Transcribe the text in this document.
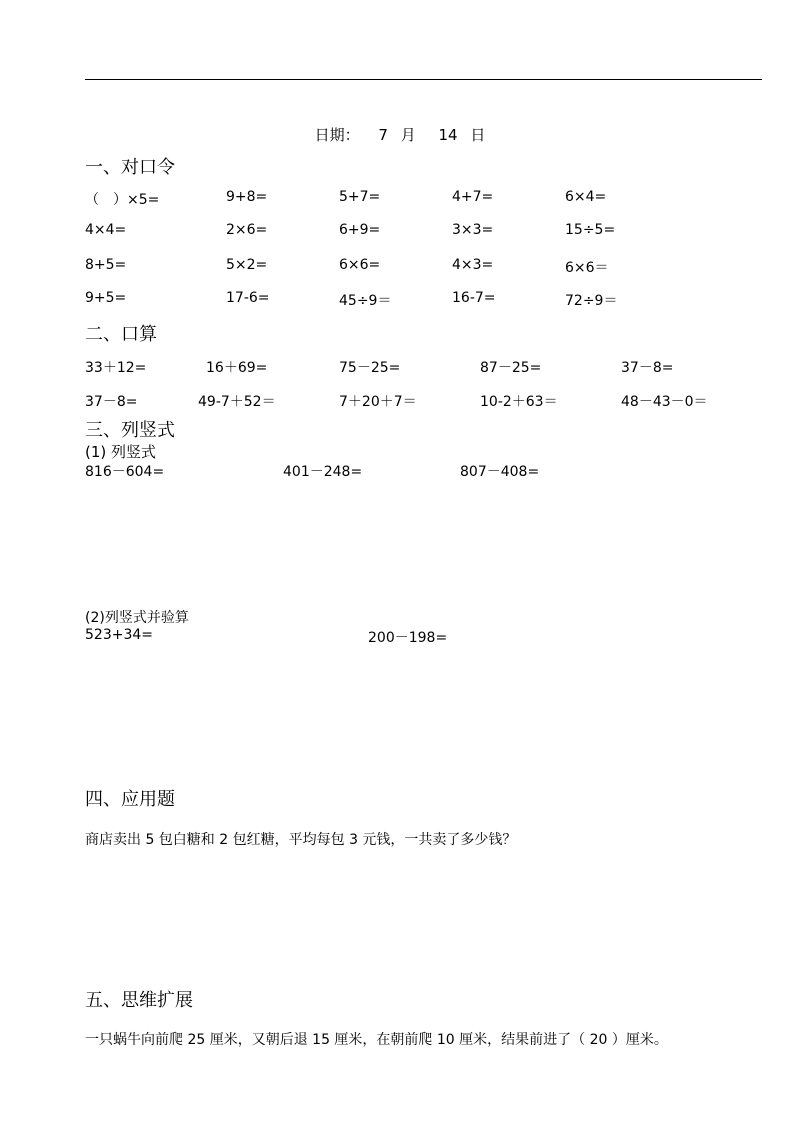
日期： 7 月 14 日
一、对口令
（　）×5=	9+8=	5+7=	4+7=	6×4=
4×4=	2×6=	6+9=	3×3=	15÷5=
8+5=	5×2=	6×6=	4×3=	6×6＝
9+5=	17-6=	45÷9＝	16-7=	72÷9＝
二、口算
33＋12=	16＋69=	75－25=	87－25=	37－8=
37－8=	49-7＋52＝	7＋20＋7＝	10-2＋63＝	48－43－0＝
三、列竖式
(1) 列竖式
816－604=	401－248=	807－408=
(2)列竖式并验算
523+34=	200－198=
四、应用题
商店卖出 5 包白糖和 2 包红糖，平均每包 3 元钱，一共卖了多少钱？
五、思维扩展
一只蜗牛向前爬 25 厘米，又朝后退 15 厘米，在朝前爬 10 厘米，结果前进了（ 20 ）厘米。
